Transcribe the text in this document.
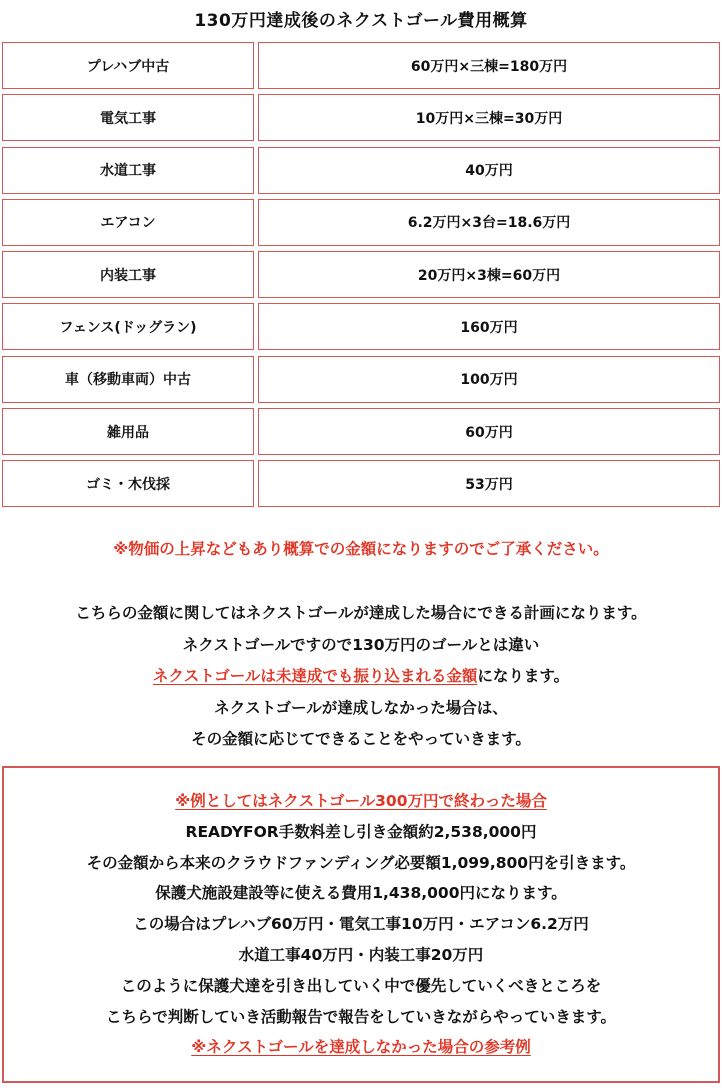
130万円達成後のネクストゴール費用概算
プレハブ中古	60万円×三棟=180万円
電気工事	10万円×三棟=30万円
水道工事	40万円
エアコン	6.2万円×3台=18.6万円
内装工事	20万円×3棟=60万円
フェンス(ドッグラン)	160万円
車（移動車両）中古	100万円
雑用品	60万円
ゴミ・木伐採	53万円
※物価の上昇などもあり概算での金額になりますのでご了承ください。
こちらの金額に関してはネクストゴールが達成した場合にできる計画になります。
ネクストゴールですので130万円のゴールとは違い
ネクストゴールは未達成でも振り込まれる金額になります。
ネクストゴールが達成しなかった場合は、
その金額に応じてできることをやっていきます。
※例としてはネクストゴール300万円で終わった場合
READYFOR手数料差し引き金額約2,538,000円
その金額から本来のクラウドファンディング必要額1,099,800円を引きます。
保護犬施設建設等に使える費用1,438,000円になります。
この場合はプレハブ60万円・電気工事10万円・エアコン6.2万円
水道工事40万円・内装工事20万円
このように保護犬達を引き出していく中で優先していくべきところを
こちらで判断していき活動報告で報告をしていきながらやっていきます。
※ネクストゴールを達成しなかった場合の参考例
